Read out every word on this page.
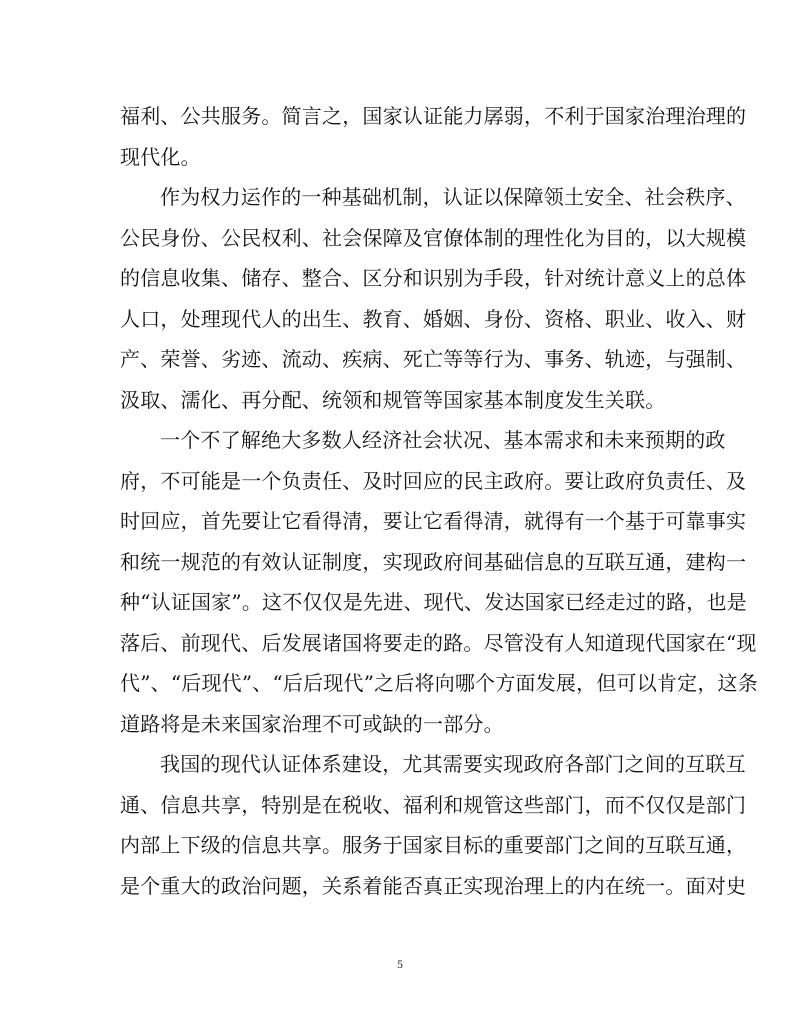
福利、公共服务。简言之，国家认证能力孱弱，不利于国家治理治理的
现代化。
作为权力运作的一种基础机制，认证以保障领土安全、社会秩序、
公民身份、公民权利、社会保障及官僚体制的理性化为目的，以大规模
的信息收集、储存、整合、区分和识别为手段，针对统计意义上的总体
人口，处理现代人的出生、教育、婚姻、身份、资格、职业、收入、财
产、荣誉、劣迹、流动、疾病、死亡等等行为、事务、轨迹，与强制、
汲取、濡化、再分配、统领和规管等国家基本制度发生关联。
一个不了解绝大多数人经济社会状况、基本需求和未来预期的政
府，不可能是一个负责任、及时回应的民主政府。要让政府负责任、及
时回应，首先要让它看得清，要让它看得清，就得有一个基于可靠事实
和统一规范的有效认证制度，实现政府间基础信息的互联互通，建构一
种“认证国家”。这不仅仅是先进、现代、发达国家已经走过的路，也是
落后、前现代、后发展诸国将要走的路。尽管没有人知道现代国家在“现
代”、“后现代”、“后后现代”之后将向哪个方面发展，但可以肯定，这条
道路将是未来国家治理不可或缺的一部分。
我国的现代认证体系建设，尤其需要实现政府各部门之间的互联互
通、信息共享，特别是在税收、福利和规管这些部门，而不仅仅是部门
内部上下级的信息共享。服务于国家目标的重要部门之间的互联互通，
是个重大的政治问题，关系着能否真正实现治理上的内在统一。面对史
5
